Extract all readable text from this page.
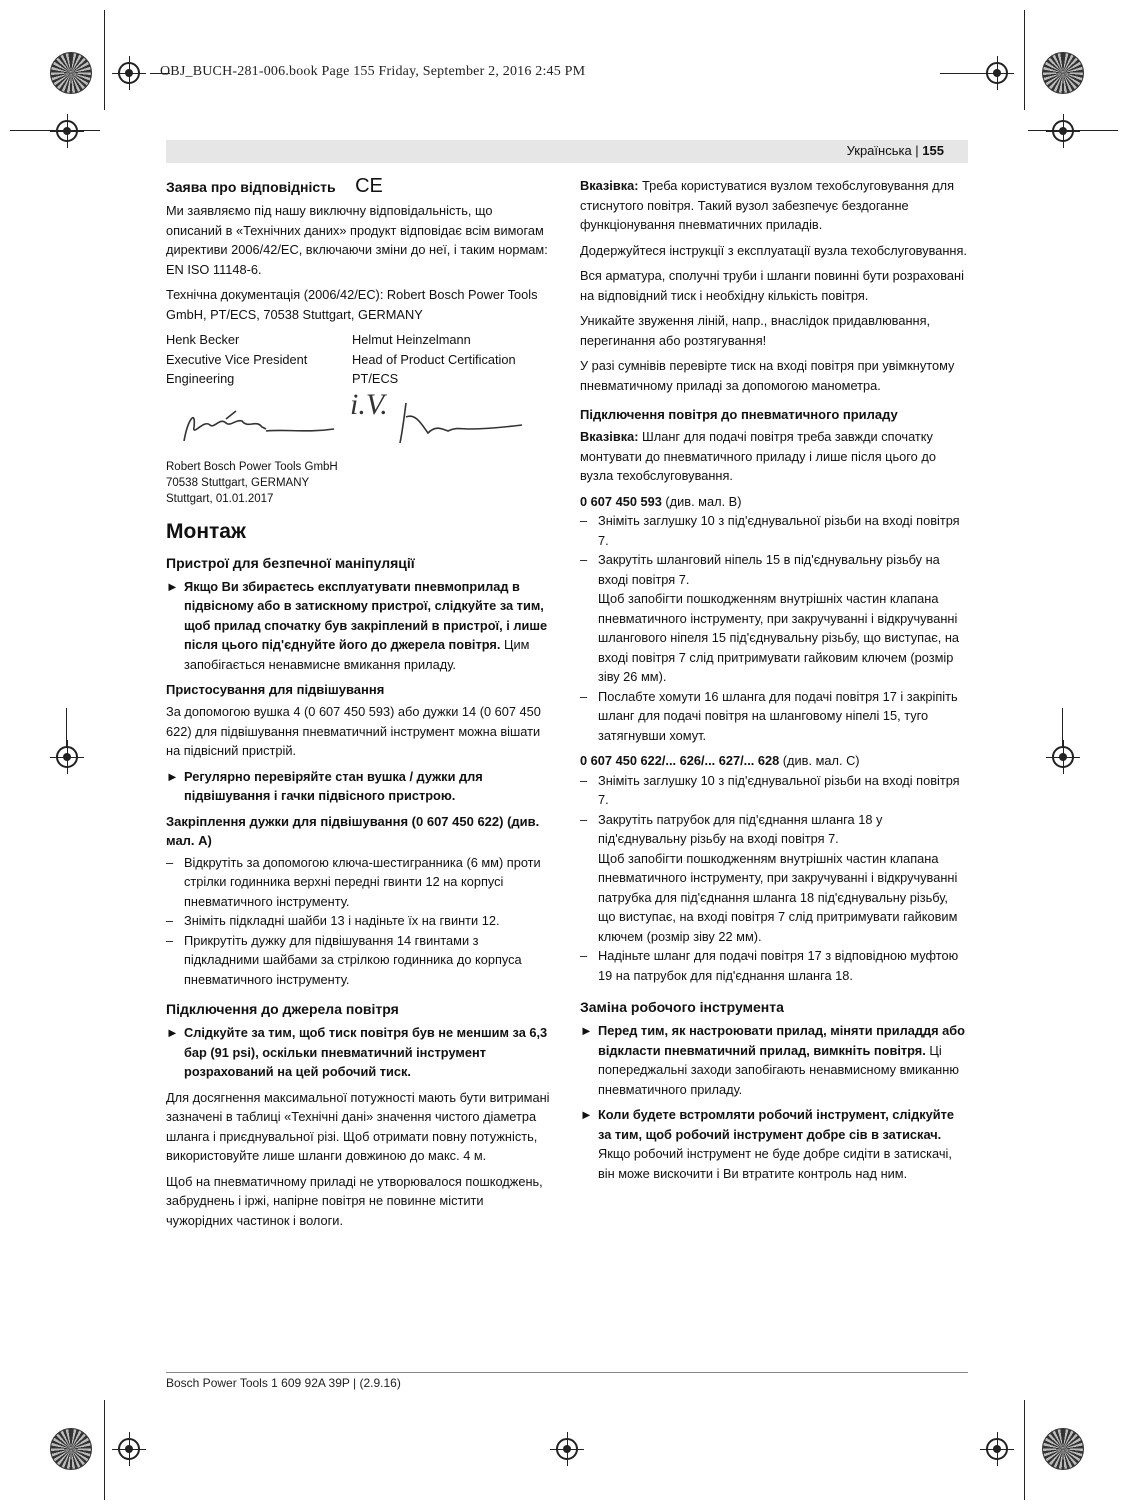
OBJ_BUCH-281-006.book Page 155 Friday, September 2, 2016 2:45 PM
Українська | 155
Заява про відповідність CE

Ми заявляємо під нашу виключну відповідальність, що описаний в «Технічних даних» продукт відповідає всім вимогам директиви 2006/42/EC, включаючи зміни до неї, і таким нормам: EN ISO 11148-6.

Технічна документація (2006/42/EC): Robert Bosch Power Tools GmbH, PT/ECS, 70538 Stuttgart, GERMANY

Henk Becker
Executive Vice President
Engineering
Helmut Heinzelmann
Head of Product Certification
PT/ECS
i.V.
Robert Bosch Power Tools GmbH
70538 Stuttgart, GERMANY
Stuttgart, 01.01.2017
Монтаж
Пристрої для безпечної маніпуляції
► Якщо Ви збираєтесь експлуатувати пневмоприлад в підвісному або в затискному пристрої, слідкуйте за тим, щоб прилад спочатку був закріплений в пристрої, і лише після цього під'єднуйте його до джерела повітря. Цим запобігається ненавмисне вмикання приладу.
Пристосування для підвішування

За допомогою вушка 4 (0 607 450 593) або дужки 14 (0 607 450 622) для підвішування пневматичний інструмент можна вішати на підвісний пристрій.

► Регулярно перевіряйте стан вушка / дужки для підвішування і гачки підвісного пристрою.
Закріплення дужки для підвішування (0 607 450 622) (див. мал. A)
– Відкрутіть за допомогою ключа-шестигранника (6 мм) проти стрілки годинника верхні передні гвинти 12 на корпусі пневматичного інструменту.
– Зніміть підкладні шайби 13 і надіньте їх на гвинти 12.
– Прикрутіть дужку для підвішування 14 гвинтами з підкладними шайбами за стрілкою годинника до корпуса пневматичного інструменту.
Підключення до джерела повітря
► Слідкуйте за тим, щоб тиск повітря був не меншим за 6,3 бар (91 psi), оскільки пневматичний інструмент розрахований на цей робочий тиск.

Для досягнення максимальної потужності мають бути витримані зазначені в таблиці «Технічні дані» значення чистого діаметра шланга і приєднувальної різі. Щоб отримати повну потужність, використовуйте лише шланги довжиною до макс. 4 м.

Щоб на пневматичному приладі не утворювалося пошкоджень, забруднень і іржі, напірне повітря не повинне містити чужорідних частинок і вологи.

Вказівка: Треба користуватися вузлом техобслуговування для стиснутого повітря. Такий вузол забезпечує бездоганне функціонування пневматичних приладів.

Додержуйтеся інструкції з експлуатації вузла техобслуговування.

Вся арматура, сполучні труби і шланги повинні бути розраховані на відповідний тиск і необхідну кількість повітря.

Уникайте звуження ліній, напр., внаслідок придавлювання, перегинання або розтягування!

У разі сумнівів перевірте тиск на вході повітря при увімкнутому пневматичному приладі за допомогою манометра.

Підключення повітря до пневматичного приладу

Вказівка: Шланг для подачі повітря треба завжди спочатку монтувати до пневматичного приладу і лише після цього до вузла техобслуговування.

0 607 450 593 (див. мал. B)
– Зніміть заглушку 10 з під'єднувальної різьби на вході повітря 7.
– Закрутіть шланговий ніпель 15 в під'єднувальну різьбу на вході повітря 7.
Щоб запобігти пошкодженням внутрішніх частин клапана пневматичного інструменту, при закручуванні і відкручуванні шлангового ніпеля 15 під'єднувальну різьбу, що виступає, на вході повітря 7 слід притримувати гайковим ключем (розмір зіву 26 мм).
– Послабте хомути 16 шланга для подачі повітря 17 і закріпіть шланг для подачі повітря на шланговому ніпелі 15, туго затягнувши хомут.
0 607 450 622/... 626/... 627/... 628 (див. мал. C)
– Зніміть заглушку 10 з під'єднувальної різьби на вході повітря 7.
– Закрутіть патрубок для під'єднання шланга 18 у під'єднувальну різьбу на вході повітря 7.
Щоб запобігти пошкодженням внутрішніх частин клапана пневматичного інструменту, при закручуванні і відкручуванні патрубка для під'єднання шланга 18 під'єднувальну різьбу, що виступає, на вході повітря 7 слід притримувати гайковим ключем (розмір зіву 22 мм).
– Надіньте шланг для подачі повітря 17 з відповідною муфтою 19 на патрубок для під'єднання шланга 18.
Заміна робочого інструмента
► Перед тим, як настроювати прилад, міняти приладдя або відкласти пневматичний прилад, вимкніть повітря. Ці попереджальні заходи запобігають ненавмисному вмиканню пневматичного приладу.
► Коли будете встромляти робочий інструмент, слідкуйте за тим, щоб робочий інструмент добре сів в затискач. Якщо робочий інструмент не буде добре сидіти в затискачі, він може вискочити і Ви втратите контроль над ним.
Bosch Power Tools 1 609 92A 39P | (2.9.16)
